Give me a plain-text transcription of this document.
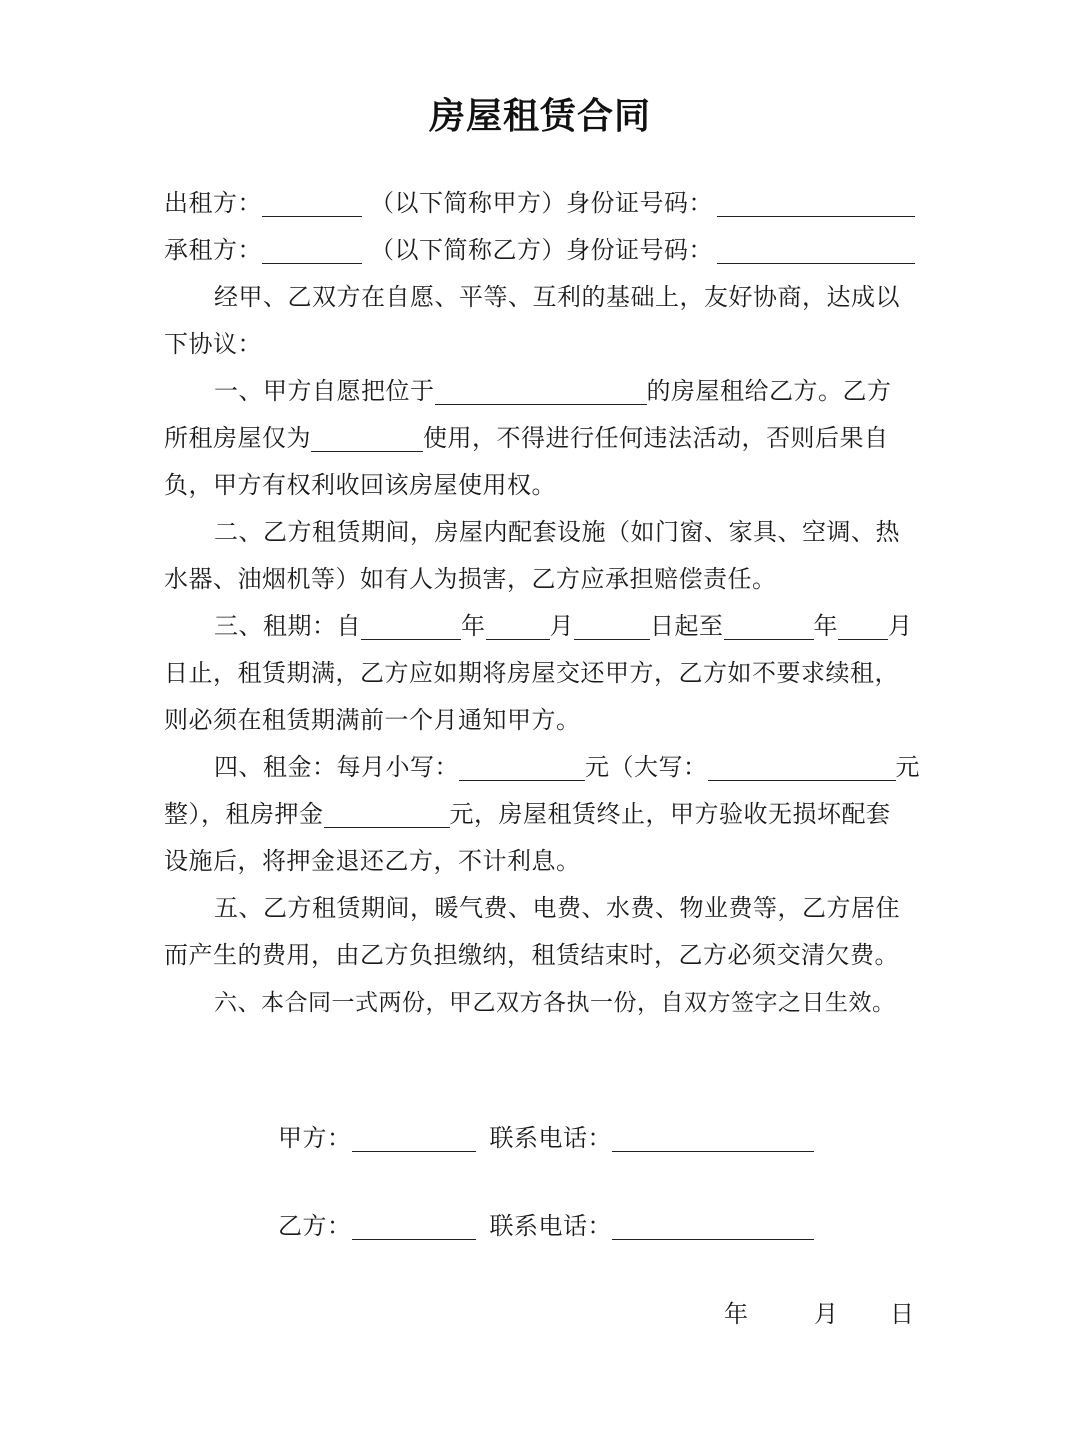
房屋租赁合同
出租方：	（以下简称甲方）身份证号码：
承租方：	（以下简称乙方）身份证号码：
经甲、乙双方在自愿、平等、互利的基础上，友好协商，达成以
下协议：
一、甲方自愿把位于	的房屋租给乙方。乙方
所租房屋仅为	使用，不得进行任何违法活动，否则后果自
负，甲方有权利收回该房屋使用权。
二、乙方租赁期间，房屋内配套设施（如门窗、家具、空调、热
水器、油烟机等）如有人为损害，乙方应承担赔偿责任。
三、租期：自	年	月	日起至	年 月
日止，租赁期满，乙方应如期将房屋交还甲方，乙方如不要求续租，
则必须在租赁期满前一个月通知甲方。
四、租金：每月小写：	元（大写：	元
整），租房押金	元，房屋租赁终止，甲方验收无损坏配套
设施后，将押金退还乙方，不计利息。
五、乙方租赁期间，暖气费、电费、水费、物业费等，乙方居住
而产生的费用，由乙方负担缴纳，租赁结束时，乙方必须交清欠费。
六、本合同一式两份，甲乙双方各执一份，自双方签字之日生效。
甲方：	联系电话：
乙方：	联系电话：
年	月 日
